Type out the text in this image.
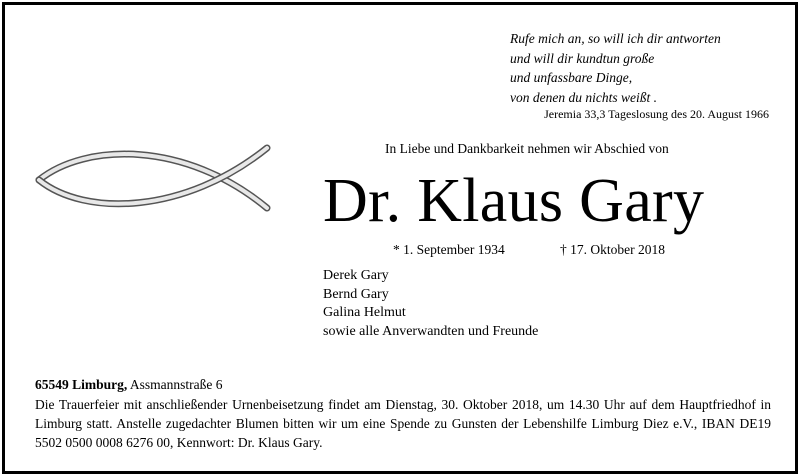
Rufe mich an, so will ich dir antworten
und will dir kundtun große
und unfassbare Dinge,
von denen du nichts weißt .
Jeremia 33,3 Tageslosung des 20. August 1966
In Liebe und Dankbarkeit nehmen wir Abschied von
Dr. Klaus Gary
* 1. September 1934	† 17. Oktober 2018
Derek Gary
Bernd Gary
Galina Helmut
sowie alle Anverwandten und Freunde
65549 Limburg, Assmannstraße 6
Die Trauerfeier mit anschließender Urnenbeisetzung findet am Dienstag, 30. Oktober 2018, um 14.30 Uhr auf dem Hauptfriedhof in Limburg statt. Anstelle zugedachter Blumen bitten wir um eine Spende zu Gunsten der Lebenshilfe Limburg Diez e.V., IBAN DE19 5502 0500 0008 6276 00, Kennwort: Dr. Klaus Gary.
